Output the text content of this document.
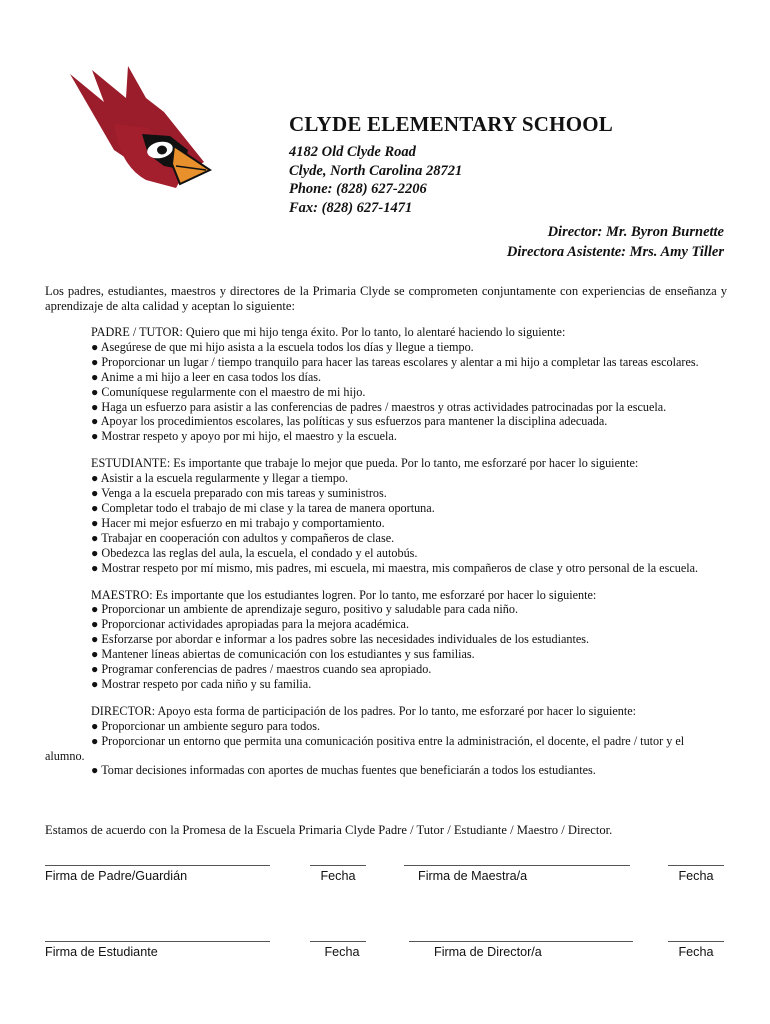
CLYDE ELEMENTARY SCHOOL
4182 Old Clyde Road
Clyde, North Carolina 28721
Phone: (828) 627-2206
Fax: (828) 627-1471
Director: Mr. Byron Burnette
Directora Asistente: Mrs. Amy Tiller
Los padres, estudiantes, maestros y directores de la Primaria Clyde se comprometen conjuntamente con experiencias de enseñanza y aprendizaje de alta calidad y aceptan lo siguiente:
PADRE / TUTOR: Quiero que mi hijo tenga éxito. Por lo tanto, lo alentaré haciendo lo siguiente:
● Asegúrese de que mi hijo asista a la escuela todos los días y llegue a tiempo.
● Proporcionar un lugar / tiempo tranquilo para hacer las tareas escolares y alentar a mi hijo a completar las tareas escolares.
● Anime a mi hijo a leer en casa todos los días.
● Comuníquese regularmente con el maestro de mi hijo.
● Haga un esfuerzo para asistir a las conferencias de padres / maestros y otras actividades patrocinadas por la escuela.
● Apoyar los procedimientos escolares, las políticas y sus esfuerzos para mantener la disciplina adecuada.
● Mostrar respeto y apoyo por mi hijo, el maestro y la escuela.
ESTUDIANTE: Es importante que trabaje lo mejor que pueda. Por lo tanto, me esforzaré por hacer lo siguiente:
● Asistir a la escuela regularmente y llegar a tiempo.
● Venga a la escuela preparado con mis tareas y suministros.
● Completar todo el trabajo de mi clase y la tarea de manera oportuna.
● Hacer mi mejor esfuerzo en mi trabajo y comportamiento.
● Trabajar en cooperación con adultos y compañeros de clase.
● Obedezca las reglas del aula, la escuela, el condado y el autobús.
● Mostrar respeto por mí mismo, mis padres, mi escuela, mi maestra, mis compañeros de clase y otro personal de la escuela.
MAESTRO: Es importante que los estudiantes logren. Por lo tanto, me esforzaré por hacer lo siguiente:
● Proporcionar un ambiente de aprendizaje seguro, positivo y saludable para cada niño.
● Proporcionar actividades apropiadas para la mejora académica.
● Esforzarse por abordar e informar a los padres sobre las necesidades individuales de los estudiantes.
● Mantener líneas abiertas de comunicación con los estudiantes y sus familias.
● Programar conferencias de padres / maestros cuando sea apropiado.
● Mostrar respeto por cada niño y su familia.
DIRECTOR: Apoyo esta forma de participación de los padres. Por lo tanto, me esforzaré por hacer lo siguiente:
● Proporcionar un ambiente seguro para todos.
● Proporcionar un entorno que permita una comunicación positiva entre la administración, el docente, el padre / tutor y el
alumno.
● Tomar decisiones informadas con aportes de muchas fuentes que beneficiarán a todos los estudiantes.
Estamos de acuerdo con la Promesa de la Escuela Primaria Clyde Padre / Tutor / Estudiante / Maestro / Director.
Firma de Padre/Guardián	Fecha	Firma de Maestra/a	Fecha
Firma de Estudiante	Fecha	Firma de Director/a	Fecha
